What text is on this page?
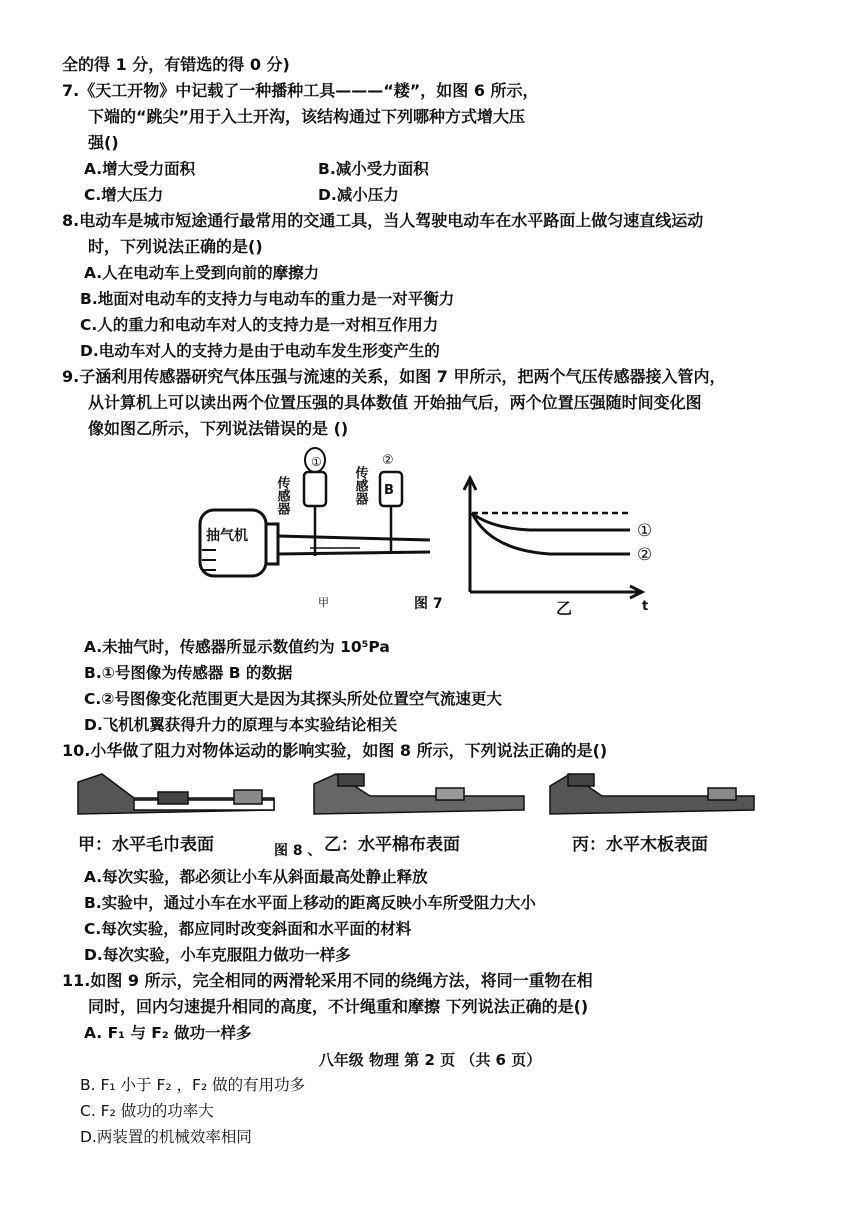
全的得 1 分，有错选的得 0 分)
7.《天工开物》中记载了一种播种工具———“耧”，如图 6 所示，
下端的“跳尖”用于入土开沟，该结构通过下列哪种方式增大压
强()
A.增大受力面积	B.减小受力面积
C.增大压力	D.减小压力
8.电动车是城市短途通行最常用的交通工具，当人驾驶电动车在水平路面上做匀速直线运动
时，下列说法正确的是()
A.人在电动车上受到向前的摩擦力
B.地面对电动车的支持力与电动车的重力是一对平衡力
C.人的重力和电动车对人的支持力是一对相互作用力
D.电动车对人的支持力是由于电动车发生形变产生的
9.子涵利用传感器研究气体压强与流速的关系，如图 7 甲所示，把两个气压传感器接入管内，
从计算机上可以读出两个位置压强的具体数值 开始抽气后，两个位置压强随时间变化图
像如图乙所示，下列说法错误的是 ()
抽气机
①
传感器	B
②
传感器
甲	图 7
①
②
乙	t
A.未抽气时，传感器所显示数值约为 10⁵Pa
B.①号图像为传感器 B 的数据
C.②号图像变化范围更大是因为其探头所处位置空气流速更大
D.飞机机翼获得升力的原理与本实验结论相关
10.小华做了阻力对物体运动的影响实验，如图 8 所示，下列说法正确的是()
甲：水平毛巾表面	图 8 、 乙：水平棉布表面	丙：水平木板表面
A.每次实验，都必须让小车从斜面最高处静止释放
B.实验中，通过小车在水平面上移动的距离反映小车所受阻力大小
C.每次实验，都应同时改变斜面和水平面的材料
D.每次实验，小车克服阻力做功一样多
11.如图 9 所示，完全相同的两滑轮采用不同的绕绳方法，将同一重物在相
同时，回内匀速提升相同的高度，不计绳重和摩擦 下列说法正确的是()
A. F₁ 与 F₂ 做功一样多
八年级 物理 第 2 页 （共 6 页）
B. F₁ 小于 F₂ ，F₂ 做的有用功多
C. F₂ 做功的功率大
D.两装置的机械效率相同
